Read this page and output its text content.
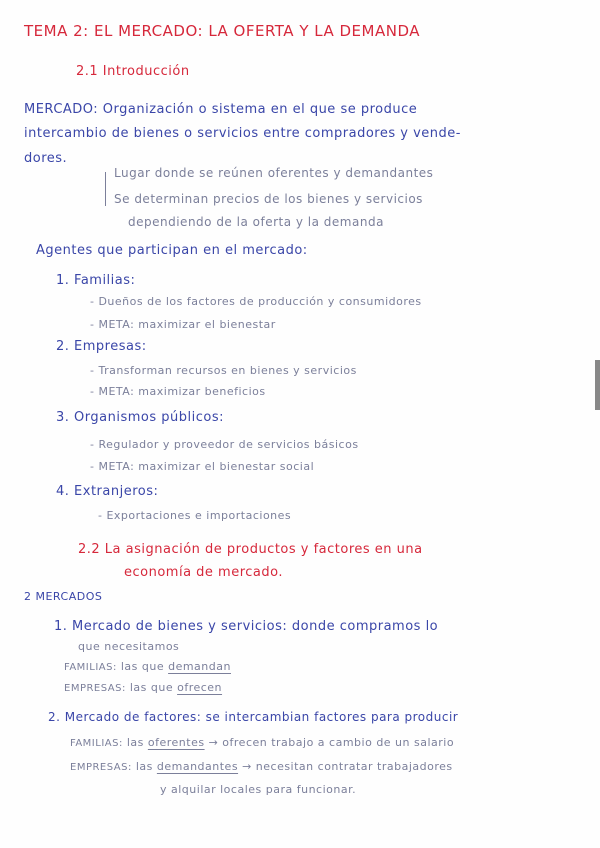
TEMA 2: EL MERCADO: LA OFERTA Y LA DEMANDA
2.1 Introducción
MERCADO: Organización o sistema en el que se produce
intercambio de bienes o servicios entre compradores y vende-
dores.
Lugar donde se reúnen oferentes y demandantes
Se determinan precios de los bienes y servicios
dependiendo de la oferta y la demanda
Agentes que participan en el mercado:
1. Familias:
- Dueños de los factores de producción y consumidores
- META: maximizar el bienestar
2. Empresas:
- Transforman recursos en bienes y servicios
- META: maximizar beneficios
3. Organismos públicos:
- Regulador y proveedor de servicios básicos
- META: maximizar el bienestar social
4. Extranjeros:
- Exportaciones e importaciones
2.2 La asignación de productos y factores en una
economía de mercado.
2 MERCADOS
1. Mercado de bienes y servicios: donde compramos lo
que necesitamos
FAMILIAS: las que demandan
EMPRESAS: las que ofrecen
2. Mercado de factores: se intercambian factores para producir
FAMILIAS: las oferentes → ofrecen trabajo a cambio de un salario
EMPRESAS: las demandantes → necesitan contratar trabajadores
y alquilar locales para funcionar.
